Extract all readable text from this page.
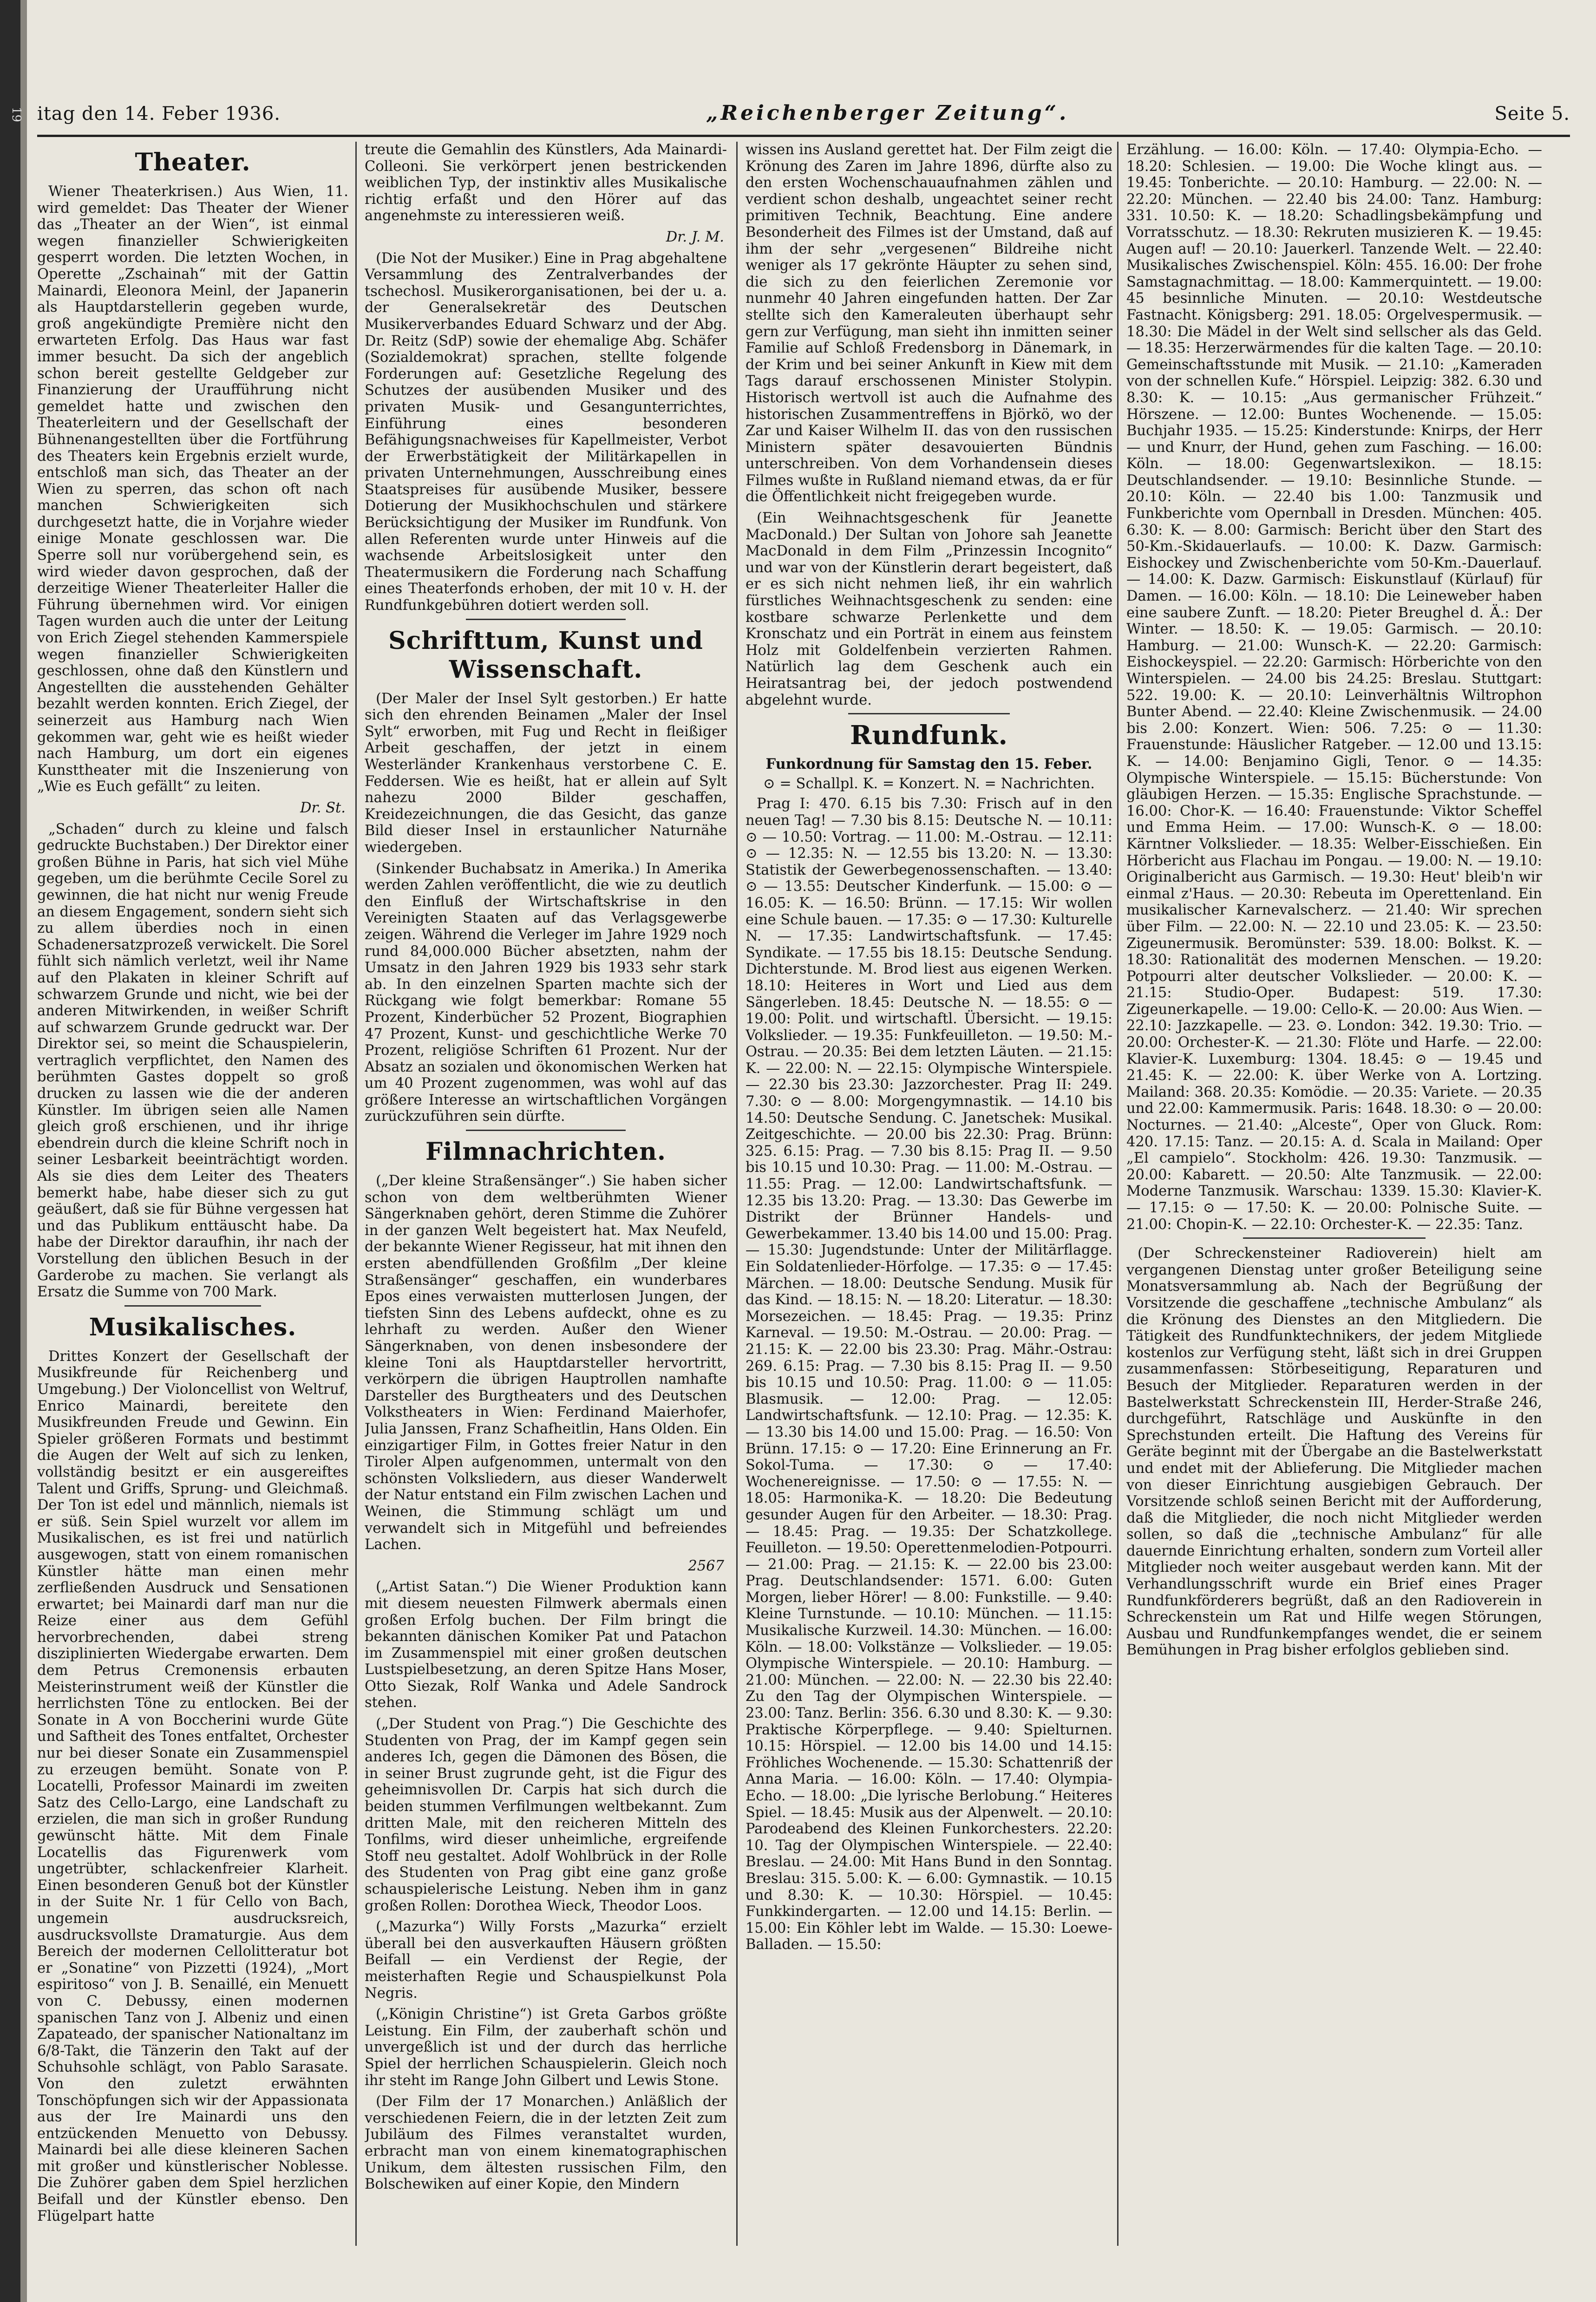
19 itag den 14. Feber 1936.	„Reichenberger Zeitung“.	Seite 5.
Theater.

Wiener Theaterkrisen.) Aus Wien, 11. wird gemeldet: Das Theater der Wiener das „Theater an der Wien“, ist einmal wegen finanzieller Schwierigkeiten gesperrt worden. Die letzten Wochen, in Operette „Zschainah“ mit der Gattin Mainardi, Eleonora Meinl, der Japanerin als Hauptdarstellerin gegeben wurde, groß angekündigte Première nicht den erwarteten Erfolg. Das Haus war fast immer besucht. Da sich der angeblich schon bereit gestellte Geldgeber zur Finanzierung der Uraufführung nicht gemeldet hatte und zwischen den Theaterleitern und der Gesellschaft der Bühnenangestellten über die Fortführung des Theaters kein Ergebnis erzielt wurde, entschloß man sich, das Theater an der Wien zu sperren, das schon oft nach manchen Schwierigkeiten sich durchgesetzt hatte, die in Vorjahre wieder einige Monate geschlossen war. Die Sperre soll nur vorübergehend sein, es wird wieder davon gesprochen, daß der derzeitige Wiener Theaterleiter Haller die Führung übernehmen wird. Vor einigen Tagen wurden auch die unter der Leitung von Erich Ziegel stehenden Kammerspiele wegen finanzieller Schwierigkeiten geschlossen, ohne daß den Künstlern und Angestellten die ausstehenden Gehälter bezahlt werden konnten. Erich Ziegel, der seinerzeit aus Hamburg nach Wien gekommen war, geht wie es heißt wieder nach Hamburg, um dort ein eigenes Kunsttheater mit die Inszenierung von „Wie es Euch gefällt“ zu leiten.

Dr. St.

„Schaden“ durch zu kleine und falsch gedruckte Buchstaben.) Der Direktor einer großen Bühne in Paris, hat sich viel Mühe gegeben, um die berühmte Cecile Sorel zu gewinnen, die hat nicht nur wenig Freude an diesem Engagement, sondern sieht sich zu allem überdies noch in einen Schadenersatzprozeß verwickelt. Die Sorel fühlt sich nämlich verletzt, weil ihr Name auf den Plakaten in kleiner Schrift auf schwarzem Grunde und nicht, wie bei der anderen Mitwirkenden, in weißer Schrift auf schwarzem Grunde gedruckt war. Der Direktor sei, so meint die Schauspielerin, vertraglich verpflichtet, den Namen des berühmten Gastes doppelt so groß drucken zu lassen wie die der anderen Künstler. Im übrigen seien alle Namen gleich groß erschienen, und ihr ihrige ebendrein durch die kleine Schrift noch in seiner Lesbarkeit beeinträchtigt worden. Als sie dies dem Leiter des Theaters bemerkt habe, habe dieser sich zu gut geäußert, daß sie für Bühne vergessen hat und das Publikum enttäuscht habe. Da habe der Direktor daraufhin, ihr nach der Vorstellung den üblichen Besuch in der Garderobe zu machen. Sie verlangt als Ersatz die Summe von 700 Mark.

Musikalisches.

Drittes Konzert der Gesellschaft der Musikfreunde für Reichenberg und Umgebung.) Der Violoncellist von Weltruf, Enrico Mainardi, bereitete den Musikfreunden Freude und Gewinn. Ein Spieler größeren Formats und bestimmt die Augen der Welt auf sich zu lenken, vollständig besitzt er ein ausgereiftes Talent und Griffs, Sprung- und Gleichmaß. Der Ton ist edel und männlich, niemals ist er süß. Sein Spiel wurzelt vor allem im Musikalischen, es ist frei und natürlich ausgewogen, statt von einem romanischen Künstler hätte man einen mehr zerfließenden Ausdruck und Sensationen erwartet; bei Mainardi darf man nur die Reize einer aus dem Gefühl hervorbrechenden, dabei streng disziplinierten Wiedergabe erwarten. Dem dem Petrus Cremonensis erbauten Meisterinstrument weiß der Künstler die herrlichsten Töne zu entlocken. Bei der Sonate in A von Boccherini wurde Güte und Saftheit des Tones entfaltet, Orchester nur bei dieser Sonate ein Zusammenspiel zu erzeugen bemüht. Sonate von P. Locatelli, Professor Mainardi im zweiten Satz des Cello-Largo, eine Landschaft zu erzielen, die man sich in großer Rundung gewünscht hätte. Mit dem Finale Locatellis das Figurenwerk vom ungetrübter, schlackenfreier Klarheit. Einen besonderen Genuß bot der Künstler in der Suite Nr. 1 für Cello von Bach, ungemein ausdrucksreich, ausdrucksvollste Dramaturgie. Aus dem Bereich der modernen Cellolitteratur bot er „Sonatine“ von Pizzetti (1924), „Mort espiritoso“ von J. B. Senaillé, ein Menuett von C. Debussy, einen modernen spanischen Tanz von J. Albeniz und einen Zapateado, der spanischer Nationaltanz im 6/8-Takt, die Tänzerin den Takt auf der Schuhsohle schlägt, von Pablo Sarasate. Von den zuletzt erwähnten Tonschöpfungen sich wir der Appassionata aus der Ire Mainardi uns den entzückenden Menuetto von Debussy. Mainardi bei alle diese kleineren Sachen mit großer und künstlerischer Noblesse. Die Zuhörer gaben dem Spiel herzlichen Beifall und der Künstler ebenso. Den Flügelpart hatte

treute die Gemahlin des Künstlers, Ada Mainardi-Colleoni. Sie verkörpert jenen bestrickenden weiblichen Typ, der instinktiv alles Musikalische richtig erfaßt und den Hörer auf das angenehmste zu interessieren weiß.

Dr. J. M.

(Die Not der Musiker.) Eine in Prag abgehaltene Versammlung des Zentralverbandes der tschechosl. Musikerorganisationen, bei der u. a. der Generalsekretär des Deutschen Musikerverbandes Eduard Schwarz und der Abg. Dr. Reitz (SdP) sowie der ehemalige Abg. Schäfer (Sozialdemokrat) sprachen, stellte folgende Forderungen auf: Gesetzliche Regelung des Schutzes der ausübenden Musiker und des privaten Musik- und Gesangunterrichtes, Einführung eines besonderen Befähigungsnachweises für Kapellmeister, Verbot der Erwerbstätigkeit der Militärkapellen in privaten Unternehmungen, Ausschreibung eines Staatspreises für ausübende Musiker, bessere Dotierung der Musikhochschulen und stärkere Berücksichtigung der Musiker im Rundfunk. Von allen Referenten wurde unter Hinweis auf die wachsende Arbeitslosigkeit unter den Theatermusikern die Forderung nach Schaffung eines Theaterfonds erhoben, der mit 10 v. H. der Rundfunkgebühren dotiert werden soll.

Schrifttum, Kunst und Wissenschaft.

(Der Maler der Insel Sylt gestorben.) Er hatte sich den ehrenden Beinamen „Maler der Insel Sylt“ erworben, mit Fug und Recht in fleißiger Arbeit geschaffen, der jetzt in einem Westerländer Krankenhaus verstorbene C. E. Feddersen. Wie es heißt, hat er allein auf Sylt nahezu 2000 Bilder geschaffen, Kreidezeichnungen, die das Gesicht, das ganze Bild dieser Insel in erstaunlicher Naturnähe wiedergeben.

(Sinkender Buchabsatz in Amerika.) In Amerika werden Zahlen veröffentlicht, die wie zu deutlich den Einfluß der Wirtschaftskrise in den Vereinigten Staaten auf das Verlagsgewerbe zeigen. Während die Verleger im Jahre 1929 noch rund 84,000.000 Bücher absetzten, nahm der Umsatz in den Jahren 1929 bis 1933 sehr stark ab. In den einzelnen Sparten machte sich der Rückgang wie folgt bemerkbar: Romane 55 Prozent, Kinderbücher 52 Prozent, Biographien 47 Prozent, Kunst- und geschichtliche Werke 70 Prozent, religiöse Schriften 61 Prozent. Nur der Absatz an sozialen und ökonomischen Werken hat um 40 Prozent zugenommen, was wohl auf das größere Interesse an wirtschaftlichen Vorgängen zurückzuführen sein dürfte.

Filmnachrichten.

(„Der kleine Straßensänger“.) Sie haben sicher schon von dem weltberühmten Wiener Sängerknaben gehört, deren Stimme die Zuhörer in der ganzen Welt begeistert hat. Max Neufeld, der bekannte Wiener Regisseur, hat mit ihnen den ersten abendfüllenden Großfilm „Der kleine Straßensänger“ geschaffen, ein wunderbares Epos eines verwaisten mutterlosen Jungen, der tiefsten Sinn des Lebens aufdeckt, ohne es zu lehrhaft zu werden. Außer den Wiener Sängerknaben, von denen insbesondere der kleine Toni als Hauptdarsteller hervortritt, verkörpern die übrigen Hauptrollen namhafte Darsteller des Burgtheaters und des Deutschen Volkstheaters in Wien: Ferdinand Maierhofer, Julia Janssen, Franz Schafheitlin, Hans Olden. Ein einzigartiger Film, in Gottes freier Natur in den Tiroler Alpen aufgenommen, untermalt von den schönsten Volksliedern, aus dieser Wanderwelt der Natur entstand ein Film zwischen Lachen und Weinen, die Stimmung schlägt um und verwandelt sich in Mitgefühl und befreiendes Lachen.

2567

(„Artist Satan.“) Die Wiener Produktion kann mit diesem neuesten Filmwerk abermals einen großen Erfolg buchen. Der Film bringt die bekannten dänischen Komiker Pat und Patachon im Zusammenspiel mit einer großen deutschen Lustspielbesetzung, an deren Spitze Hans Moser, Otto Siezak, Rolf Wanka und Adele Sandrock stehen.

(„Der Student von Prag.“) Die Geschichte des Studenten von Prag, der im Kampf gegen sein anderes Ich, gegen die Dämonen des Bösen, die in seiner Brust zugrunde geht, ist die Figur des geheimnisvollen Dr. Carpis hat sich durch die beiden stummen Verfilmungen weltbekannt. Zum dritten Male, mit den reicheren Mitteln des Tonfilms, wird dieser unheimliche, ergreifende Stoff neu gestaltet. Adolf Wohlbrück in der Rolle des Studenten von Prag gibt eine ganz große schauspielerische Leistung. Neben ihm in ganz großen Rollen: Dorothea Wieck, Theodor Loos.

(„Mazurka“) Willy Forsts „Mazurka“ erzielt überall bei den ausverkauften Häusern größten Beifall — ein Verdienst der Regie, der meisterhaften Regie und Schauspielkunst Pola Negris.

(„Königin Christine“) ist Greta Garbos größte Leistung. Ein Film, der zauberhaft schön und unvergeßlich ist und der durch das herrliche Spiel der herrlichen Schauspielerin. Gleich noch ihr steht im Range John Gilbert und Lewis Stone.

(Der Film der 17 Monarchen.) Anläßlich der verschiedenen Feiern, die in der letzten Zeit zum Jubiläum des Filmes veranstaltet wurden, erbracht man von einem kinematographischen Unikum, dem ältesten russischen Film, den Bolschewiken auf einer Kopie, den Mindern

wissen ins Ausland gerettet hat. Der Film zeigt die Krönung des Zaren im Jahre 1896, dürfte also zu den ersten Wochenschauaufnahmen zählen und verdient schon deshalb, ungeachtet seiner recht primitiven Technik, Beachtung. Eine andere Besonderheit des Filmes ist der Umstand, daß auf ihm der sehr „vergesenen“ Bildreihe nicht weniger als 17 gekrönte Häupter zu sehen sind, die sich zu den feierlichen Zeremonie vor nunmehr 40 Jahren eingefunden hatten. Der Zar stellte sich den Kameraleuten überhaupt sehr gern zur Verfügung, man sieht ihn inmitten seiner Familie auf Schloß Fredensborg in Dänemark, in der Krim und bei seiner Ankunft in Kiew mit dem Tags darauf erschossenen Minister Stolypin. Historisch wertvoll ist auch die Aufnahme des historischen Zusammentreffens in Björkö, wo der Zar und Kaiser Wilhelm II. das von den russischen Ministern später desavouierten Bündnis unterschreiben. Von dem Vorhandensein dieses Filmes wußte in Rußland niemand etwas, da er für die Öffentlichkeit nicht freigegeben wurde.

(Ein Weihnachtsgeschenk für Jeanette MacDonald.) Der Sultan von Johore sah Jeanette MacDonald in dem Film „Prinzessin Incognito“ und war von der Künstlerin derart begeistert, daß er es sich nicht nehmen ließ, ihr ein wahrlich fürstliches Weihnachtsgeschenk zu senden: eine kostbare schwarze Perlenkette und dem Kronschatz und ein Porträt in einem aus feinstem Holz mit Goldelfenbein verzierten Rahmen. Natürlich lag dem Geschenk auch ein Heiratsantrag bei, der jedoch postwendend abgelehnt wurde.

Rundfunk.
Funkordnung für Samstag den 15. Feber.
⊙ = Schallpl. K. = Konzert. N. = Nachrichten.

Prag I: 470. 6.15 bis 7.30: Frisch auf in den neuen Tag! — 7.30 bis 8.15: Deutsche N. — 10.11: ⊙ — 10.50: Vortrag. — 11.00: M.-Ostrau. — 12.11: ⊙ — 12.35: N. — 12.55 bis 13.20: N. — 13.30: Statistik der Gewerbegenossenschaften. — 13.40: ⊙ — 13.55: Deutscher Kinderfunk. — 15.00: ⊙ — 16.05: K. — 16.50: Brünn. — 17.15: Wir wollen eine Schule bauen. — 17.35: ⊙ — 17.30: Kulturelle N. — 17.35: Landwirtschaftsfunk. — 17.45: Syndikate. — 17.55 bis 18.15: Deutsche Sendung. Dichterstunde. M. Brod liest aus eigenen Werken. 18.10: Heiteres in Wort und Lied aus dem Sängerleben. 18.45: Deutsche N. — 18.55: ⊙ — 19.00: Polit. und wirtschaftl. Übersicht. — 19.15: Volkslieder. — 19.35: Funkfeuilleton. — 19.50: M.-Ostrau. — 20.35: Bei dem letzten Läuten. — 21.15: K. — 22.00: N. — 22.15: Olympische Winterspiele. — 22.30 bis 23.30: Jazzorchester. Prag II: 249. 7.30: ⊙ — 8.00: Morgengymnastik. — 14.10 bis 14.50: Deutsche Sendung. C. Janetschek: Musikal. Zeitgeschichte. — 20.00 bis 22.30: Prag. Brünn: 325. 6.15: Prag. — 7.30 bis 8.15: Prag II. — 9.50 bis 10.15 und 10.30: Prag. — 11.00: M.-Ostrau. — 11.55: Prag. — 12.00: Landwirtschaftsfunk. — 12.35 bis 13.20: Prag. — 13.30: Das Gewerbe im Distrikt der Brünner Handels- und Gewerbekammer. 13.40 bis 14.00 und 15.00: Prag. — 15.30: Jugendstunde: Unter der Militärflagge. Ein Soldatenlieder-Hörfolge. — 17.35: ⊙ — 17.45: Märchen. — 18.00: Deutsche Sendung. Musik für das Kind. — 18.15: N. — 18.20: Literatur. — 18.30: Morsezeichen. — 18.45: Prag. — 19.35: Prinz Karneval. — 19.50: M.-Ostrau. — 20.00: Prag. — 21.15: K. — 22.00 bis 23.30: Prag. Mähr.-Ostrau: 269. 6.15: Prag. — 7.30 bis 8.15: Prag II. — 9.50 bis 10.15 und 10.50: Prag. 11.00: ⊙ — 11.05: Blasmusik. — 12.00: Prag. — 12.05: Landwirtschaftsfunk. — 12.10: Prag. — 12.35: K. — 13.30 bis 14.00 und 15.00: Prag. — 16.50: Von Brünn. 17.15: ⊙ — 17.20: Eine Erinnerung an Fr. Sokol-Tuma. — 17.30: ⊙ — 17.40: Wochenereignisse. — 17.50: ⊙ — 17.55: N. — 18.05: Harmonika-K. — 18.20: Die Bedeutung gesunder Augen für den Arbeiter. — 18.30: Prag. — 18.45: Prag. — 19.35: Der Schatzkollege. Feuilleton. — 19.50: Operettenmelodien-Potpourri. — 21.00: Prag. — 21.15: K. — 22.00 bis 23.00: Prag. Deutschlandsender: 1571. 6.00: Guten Morgen, lieber Hörer! — 8.00: Funkstille. — 9.40: Kleine Turnstunde. — 10.10: München. — 11.15: Musikalische Kurzweil. 14.30: München. — 16.00: Köln. — 18.00: Volkstänze — Volkslieder. — 19.05: Olympische Winterspiele. — 20.10: Hamburg. — 21.00: München. — 22.00: N. — 22.30 bis 22.40: Zu den Tag der Olympischen Winterspiele. — 23.00: Tanz. Berlin: 356. 6.30 und 8.30: K. — 9.30: Praktische Körperpflege. — 9.40: Spielturnen. 10.15: Hörspiel. — 12.00 bis 14.00 und 14.15: Fröhliches Wochenende. — 15.30: Schattenriß der Anna Maria. — 16.00: Köln. — 17.40: Olympia-Echo. — 18.00: „Die lyrische Berlobung.“ Heiteres Spiel. — 18.45: Musik aus der Alpenwelt. — 20.10: Parodeabend des Kleinen Funkorchesters. 22.20: 10. Tag der Olympischen Winterspiele. — 22.40: Breslau. — 24.00: Mit Hans Bund in den Sonntag. Breslau: 315. 5.00: K. — 6.00: Gymnastik. — 10.15 und 8.30: K. — 10.30: Hörspiel. — 10.45: Funkkindergarten. — 12.00 und 14.15: Berlin. — 15.00: Ein Köhler lebt im Walde. — 15.30: Loewe-Balladen. — 15.50:

Erzählung. — 16.00: Köln. — 17.40: Olympia-Echo. — 18.20: Schlesien. — 19.00: Die Woche klingt aus. — 19.45: Tonberichte. — 20.10: Hamburg. — 22.00: N. — 22.20: München. — 22.40 bis 24.00: Tanz. Hamburg: 331. 10.50: K. — 18.20: Schadlingsbekämpfung und Vorratsschutz. — 18.30: Rekruten musizieren K. — 19.45: Augen auf! — 20.10: Jauerkerl. Tanzende Welt. — 22.40: Musikalisches Zwischenspiel. Köln: 455. 16.00: Der frohe Samstagnachmittag. — 18.00: Kammerquintett. — 19.00: 45 besinnliche Minuten. — 20.10: Westdeutsche Fastnacht. Königsberg: 291. 18.05: Orgelvespermusik. — 18.30: Die Mädel in der Welt sind sellscher als das Geld. — 18.35: Herzerwärmendes für die kalten Tage. — 20.10: Gemeinschaftsstunde mit Musik. — 21.10: „Kameraden von der schnellen Kufe.“ Hörspiel. Leipzig: 382. 6.30 und 8.30: K. — 10.15: „Aus germanischer Frühzeit.“ Hörszene. — 12.00: Buntes Wochenende. — 15.05: Buchjahr 1935. — 15.25: Kinderstunde: Knirps, der Herr — und Knurr, der Hund, gehen zum Fasching. — 16.00: Köln. — 18.00: Gegenwartslexikon. — 18.15: Deutschlandsender. — 19.10: Besinnliche Stunde. — 20.10: Köln. — 22.40 bis 1.00: Tanzmusik und Funkberichte vom Opernball in Dresden. München: 405. 6.30: K. — 8.00: Garmisch: Bericht über den Start des 50-Km.-Skidauerlaufs. — 10.00: K. Dazw. Garmisch: Eishockey und Zwischenberichte vom 50-Km.-Dauerlauf. — 14.00: K. Dazw. Garmisch: Eiskunstlauf (Kürlauf) für Damen. — 16.00: Köln. — 18.10: Die Leineweber haben eine saubere Zunft. — 18.20: Pieter Breughel d. Ä.: Der Winter. — 18.50: K. — 19.05: Garmisch. — 20.10: Hamburg. — 21.00: Wunsch-K. — 22.20: Garmisch: Eishockeyspiel. — 22.20: Garmisch: Hörberichte von den Winterspielen. — 24.00 bis 24.25: Breslau. Stuttgart: 522. 19.00: K. — 20.10: Leinverhältnis Wiltrophon Bunter Abend. — 22.40: Kleine Zwischenmusik. — 24.00 bis 2.00: Konzert. Wien: 506. 7.25: ⊙ — 11.30: Frauenstunde: Häuslicher Ratgeber. — 12.00 und 13.15: K. — 14.00: Benjamino Gigli, Tenor. ⊙ — 14.35: Olympische Winterspiele. — 15.15: Bücherstunde: Von gläubigen Herzen. — 15.35: Englische Sprachstunde. — 16.00: Chor-K. — 16.40: Frauenstunde: Viktor Scheffel und Emma Heim. — 17.00: Wunsch-K. ⊙ — 18.00: Kärntner Volkslieder. — 18.35: Welber-Eisschießen. Ein Hörbericht aus Flachau im Pongau. — 19.00: N. — 19.10: Originalbericht aus Garmisch. — 19.30: Heut' bleib'n wir einmal z'Haus. — 20.30: Rebeuta im Operettenland. Ein musikalischer Karnevalscherz. — 21.40: Wir sprechen über Film. — 22.00: N. — 22.10 und 23.05: K. — 23.50: Zigeunermusik. Beromünster: 539. 18.00: Bolkst. K. — 18.30: Rationalität des modernen Menschen. — 19.20: Potpourri alter deutscher Volkslieder. — 20.00: K. — 21.15: Studio-Oper. Budapest: 519. 17.30: Zigeunerkapelle. — 19.00: Cello-K. — 20.00: Aus Wien. — 22.10: Jazzkapelle. — 23. ⊙. London: 342. 19.30: Trio. — 20.00: Orchester-K. — 21.30: Flöte und Harfe. — 22.00: Klavier-K. Luxemburg: 1304. 18.45: ⊙ — 19.45 und 21.45: K. — 22.00: K. über Werke von A. Lortzing. Mailand: 368. 20.35: Komödie. — 20.35: Variete. — 20.35 und 22.00: Kammermusik. Paris: 1648. 18.30: ⊙ — 20.00: Nocturnes. — 21.40: „Alceste“, Oper von Gluck. Rom: 420. 17.15: Tanz. — 20.15: A. d. Scala in Mailand: Oper „El campielo“. Stockholm: 426. 19.30: Tanzmusik. — 20.00: Kabarett. — 20.50: Alte Tanzmusik. — 22.00: Moderne Tanzmusik. Warschau: 1339. 15.30: Klavier-K. — 17.15: ⊙ — 17.50: K. — 20.00: Polnische Suite. — 21.00: Chopin-K. — 22.10: Orchester-K. — 22.35: Tanz.

(Der Schreckensteiner Radioverein) hielt am vergangenen Dienstag unter großer Beteiligung seine Monatsversammlung ab. Nach der Begrüßung der Vorsitzende die geschaffene „technische Ambulanz“ als die Krönung des Dienstes an den Mitgliedern. Die Tätigkeit des Rundfunktechnikers, der jedem Mitgliede kostenlos zur Verfügung steht, läßt sich in drei Gruppen zusammenfassen: Störbeseitigung, Reparaturen und Besuch der Mitglieder. Reparaturen werden in der Bastelwerkstatt Schreckenstein III, Herder-Straße 246, durchgeführt, Ratschläge und Auskünfte in den Sprechstunden erteilt. Die Haftung des Vereins für Geräte beginnt mit der Übergabe an die Bastelwerkstatt und endet mit der Ablieferung. Die Mitglieder machen von dieser Einrichtung ausgiebigen Gebrauch. Der Vorsitzende schloß seinen Bericht mit der Aufforderung, daß die Mitglieder, die noch nicht Mitglieder werden sollen, so daß die „technische Ambulanz“ für alle dauernde Einrichtung erhalten, sondern zum Vorteil aller Mitglieder noch weiter ausgebaut werden kann. Mit der Verhandlungsschrift wurde ein Brief eines Prager Rundfunkförderers begrüßt, daß an den Radioverein in Schreckenstein um Rat und Hilfe wegen Störungen, Ausbau und Rundfunkempfanges wendet, die er seinem Bemühungen in Prag bisher erfolglos geblieben sind.
